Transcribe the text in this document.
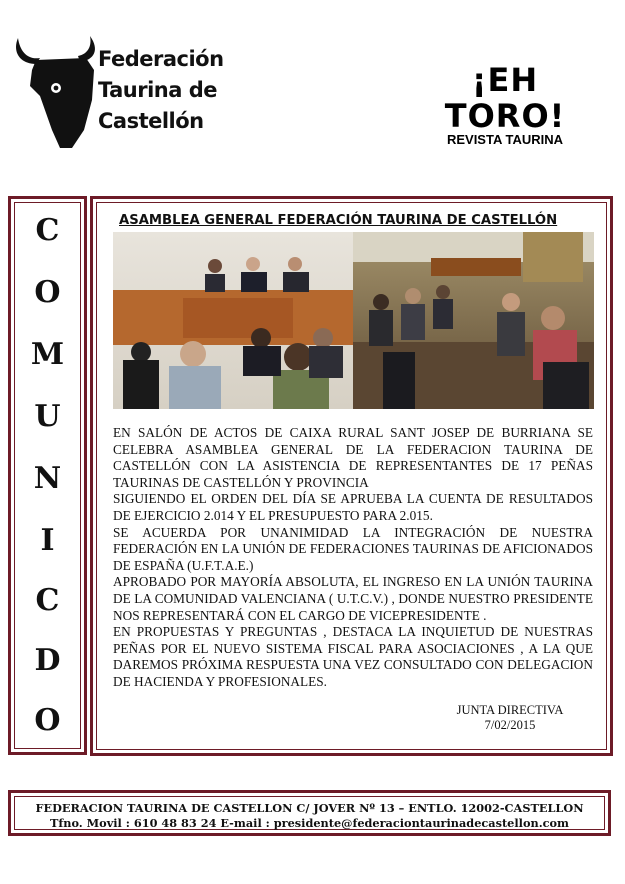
Federación
Taurina de
Castellón
¡EH TORO!
REVISTA TAURINA
C
O
M
U
N
I
C
D
O
ASAMBLEA GENERAL FEDERACIÓN TAURINA DE CASTELLÓN

EN SALÓN DE ACTOS DE CAIXA RURAL SANT JOSEP DE BURRIANA SE CELEBRA ASAMBLEA GENERAL DE LA FEDERACION TAURINA DE CASTELLÓN CON LA ASISTENCIA DE REPRESENTANTES DE 17 PEÑAS TAURINAS DE CASTELLÓN Y PROVINCIA

SIGUIENDO EL ORDEN DEL DÍA SE APRUEBA LA CUENTA DE RESULTADOS DE EJERCICIO 2.014 Y EL PRESUPUESTO PARA 2.015.

SE ACUERDA POR UNANIMIDAD LA INTEGRACIÓN DE NUESTRA FEDERACIÓN EN LA UNIÓN DE FEDERACIONES TAURINAS DE AFICIONADOS DE ESPAÑA (U.F.T.A.E.)

APROBADO POR MAYORÍA ABSOLUTA, EL INGRESO EN LA UNIÓN TAURINA DE LA COMUNIDAD VALENCIANA ( U.T.C.V.) , DONDE NUESTRO PRESIDENTE NOS REPRESENTARÁ CON EL CARGO DE VICEPRESIDENTE .

EN PROPUESTAS Y PREGUNTAS , DESTACA LA INQUIETUD DE NUESTRAS PEÑAS POR EL NUEVO SISTEMA FISCAL PARA ASOCIACIONES , A LA QUE DAREMOS PRÓXIMA RESPUESTA UNA VEZ CONSULTADO CON DELEGACION DE HACIENDA Y PROFESIONALES.

JUNTA DIRECTIVA
7/02/2015
FEDERACION TAURINA DE CASTELLON C/ JOVER Nº 13 – ENTLO. 12002-CASTELLON
Tfno. Movil : 610 48 83 24 E-mail : presidente@federaciontaurinadecastellon.com
